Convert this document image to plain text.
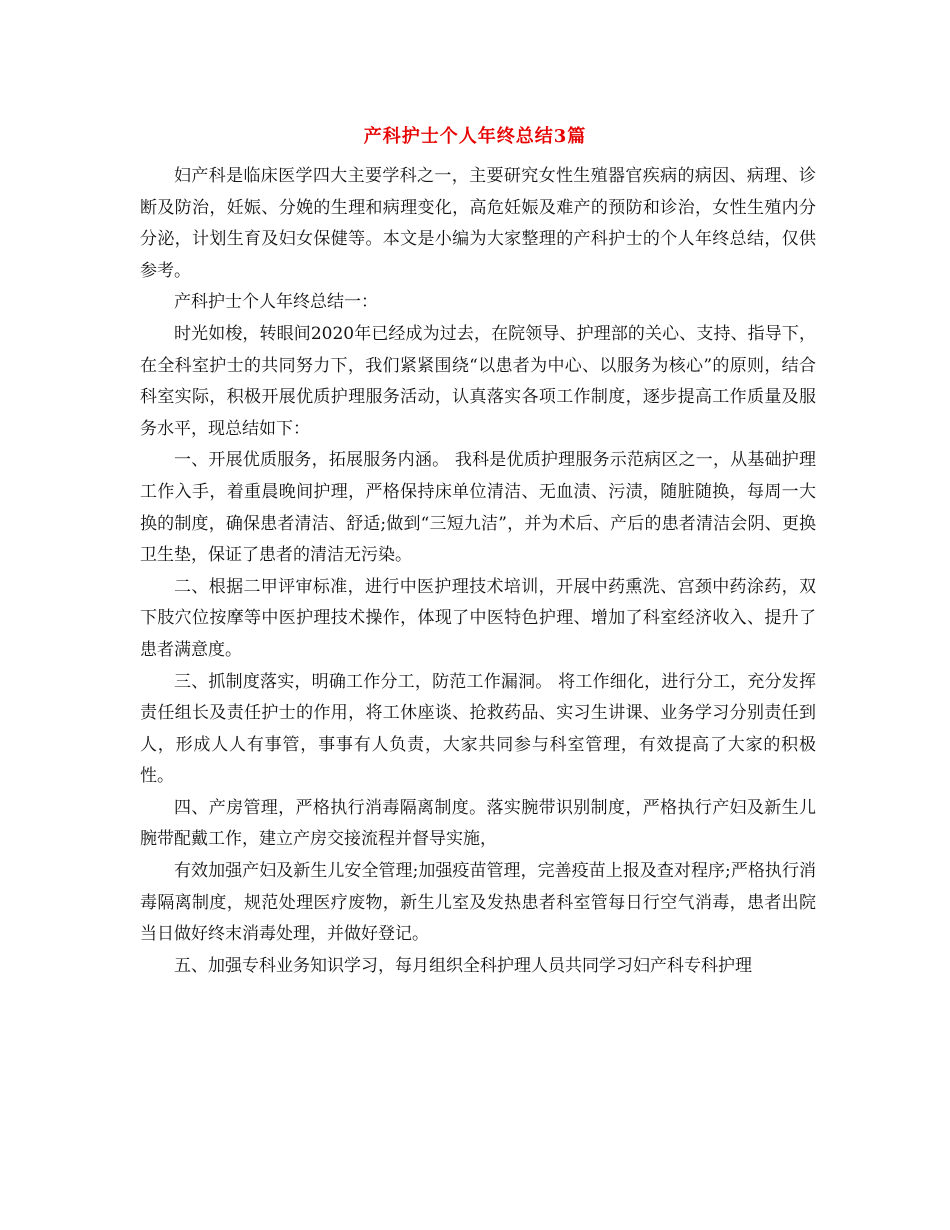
产科护士个人年终总结3篇

妇产科是临床医学四大主要学科之一，主要研究女性生殖器官疾病的病因、病理、诊断及防治，妊娠、分娩的生理和病理变化，高危妊娠及难产的预防和诊治，女性生殖内分分泌，计划生育及妇女保健等。本文是小编为大家整理的产科护士的个人年终总结，仅供参考。

产科护士个人年终总结一：

时光如梭，转眼间2020年已经成为过去，在院领导、护理部的关心、支持、指导下，在全科室护士的共同努力下，我们紧紧围绕“以患者为中心、以服务为核心”的原则，结合科室实际，积极开展优质护理服务活动，认真落实各项工作制度，逐步提高工作质量及服务水平，现总结如下：

一、开展优质服务，拓展服务内涵。 我科是优质护理服务示范病区之一，从基础护理工作入手，着重晨晚间护理，严格保持床单位清洁、无血渍、污渍，随脏随换，每周一大换的制度，确保患者清洁、舒适;做到“三短九洁”，并为术后、产后的患者清洁会阴、更换卫生垫，保证了患者的清洁无污染。

二、根据二甲评审标准，进行中医护理技术培训，开展中药熏洗、宫颈中药涂药，双下肢穴位按摩等中医护理技术操作，体现了中医特色护理、增加了科室经济收入、提升了患者满意度。

三、抓制度落实，明确工作分工，防范工作漏洞。 将工作细化，进行分工，充分发挥责任组长及责任护士的作用，将工休座谈、抢救药品、实习生讲课、业务学习分别责任到人，形成人人有事管，事事有人负责，大家共同参与科室管理，有效提高了大家的积极性。

四、产房管理，严格执行消毒隔离制度。落实腕带识别制度，严格执行产妇及新生儿腕带配戴工作，建立产房交接流程并督导实施，

有效加强产妇及新生儿安全管理;加强疫苗管理，完善疫苗上报及查对程序;严格执行消毒隔离制度，规范处理医疗废物，新生儿室及发热患者科室管每日行空气消毒，患者出院当日做好终末消毒处理，并做好登记。

五、加强专科业务知识学习，每月组织全科护理人员共同学习妇产科专科护理
